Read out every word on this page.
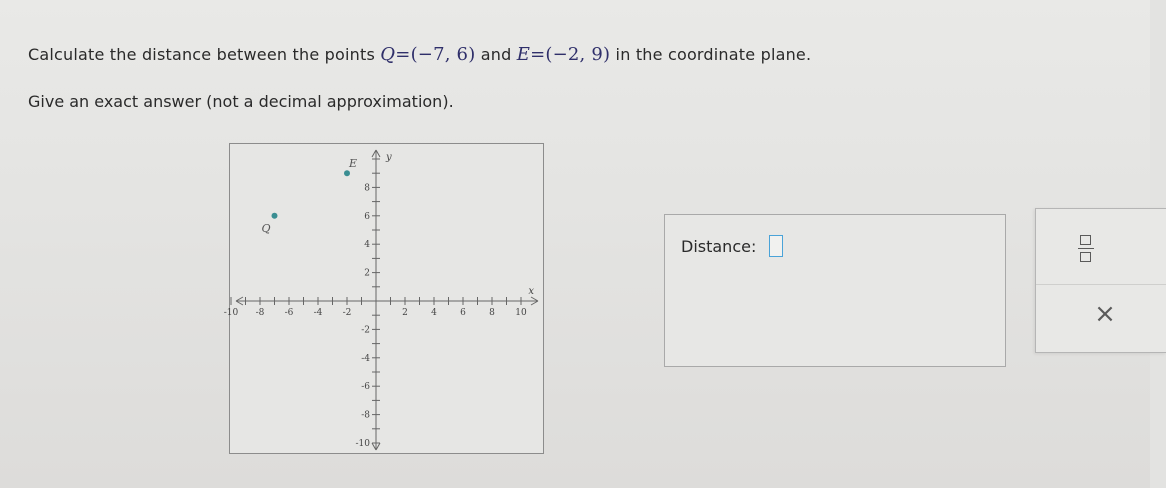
Calculate the distance between the points Q=(−7, 6) and E=(−2, 9) in the coordinate plane.
Give an exact answer (not a decimal approximation).
-10 -8 -6 -4 -2	2	4	6	8 10
8
6
4
2
-2
-4
-6
-8
-10
x
y
Q
E
Distance:
×
